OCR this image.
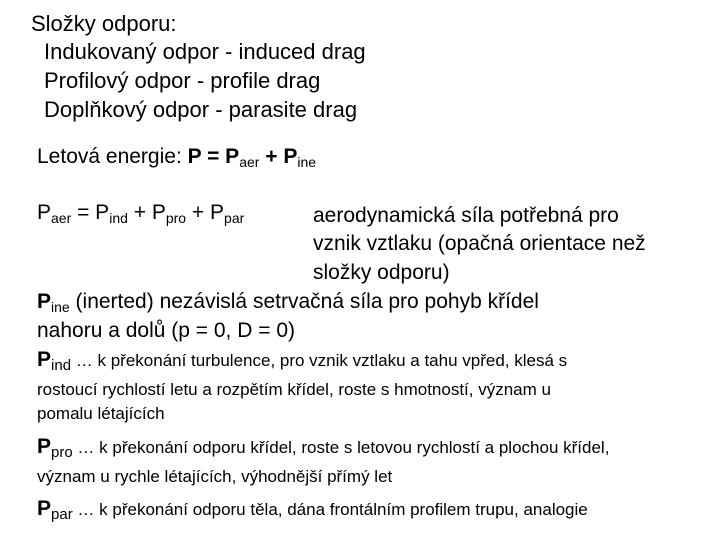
Složky odporu:
Indukovaný odpor - induced drag
Profilový odpor - profile drag
Doplňkový odpor - parasite drag
Letová energie: $P = P_{aer} + P_{ine}$
$P_{aer} = P_{ind} + P_{pro} + P_{par}$	aerodynamická síla potřebná pro
vznik vztlaku (opačná orientace než
složky odporu)
$P_{ine}$ (inerted) nezávislá setrvačná síla pro pohyb křídel
nahoru a dolů (p = 0, D = 0)
$P_{ind}$ … k překonání turbulence, pro vznik vztlaku a tahu vpřed, klesá s
rostoucí rychlostí letu a rozpětím křídel, roste s hmotností, význam u
pomalu létajících
$P_{pro}$ … k překonání odporu křídel, roste s letovou rychlostí a plochou křídel,
význam u rychle létajících, výhodnější přímý let
$P_{par}$ … k překonání odporu těla, dána frontálním profilem trupu, analogie
